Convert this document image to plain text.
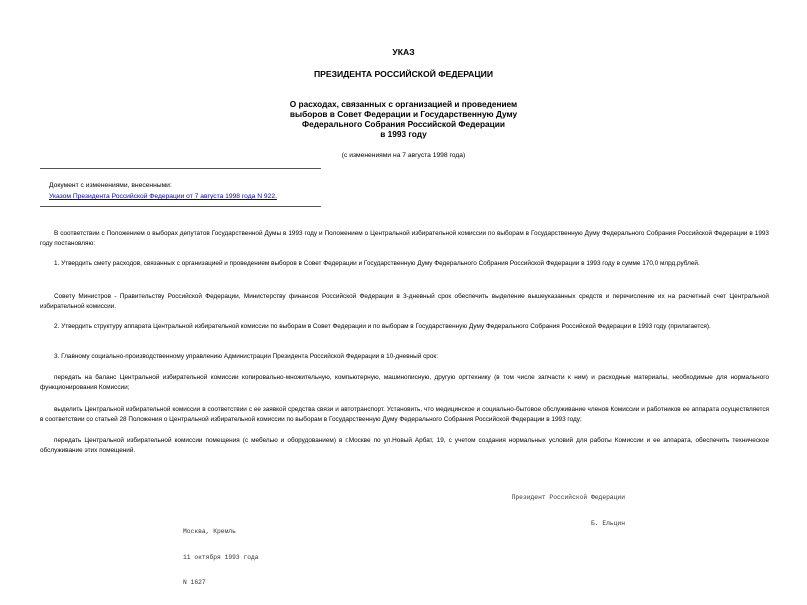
УКАЗ
ПРЕЗИДЕНТА РОССИЙСКОЙ ФЕДЕРАЦИИ
О расходах, связанных с организацией и проведением
выборов в Совет Федерации и Государственную Думу
Федерального Собрания Российской Федерации
в 1993 году
(с изменениями на 7 августа 1998 года)
Документ с изменениями, внесенными:
Указом Президента Российской Федерации от 7 августа 1998 года N 922.

В соответствии с Положением о выборах депутатов Государственной Думы в 1993 году и Положением о Центральной избирательной комиссии по выборам в Государственную Думу Федерального Собрания Российской Федерации в 1993 году постановляю:

1. Утвердить смету расходов, связанных с организацией и проведением выборов в Совет Федерации и Государственную Думу Федерального Собрания Российской Федерации в 1993 году в сумме 170,0 млрд.рублей.

Совету Министров - Правительству Российской Федерации, Министерству финансов Российской Федерации в 3-дневный срок обеспечить выделение вышеуказанных средств и перечисление их на расчетный счет Центральной избирательной комиссии.

2. Утвердить структуру аппарата Центральной избирательной комиссии по выборам в Совет Федерации и по выборам в Государственную Думу Федерального Собрания Российской Федерации в 1993 году (прилагается).

3. Главному социально-производственному управлению Администрации Президента Российской Федерации в 10-дневный срок:

передать на баланс Центральной избирательной комиссии копировально-множительную, компьютерную, машинописную, другую оргтехнику (в том числе запчасти к ним) и расходные материалы, необходимые для нормального функционирования Комиссии;

выделить Центральной избирательной комиссии в соответствии с ее заявкой средства связи и автотранспорт. Установить, что медицинское и социально-бытовое обслуживание членов Комиссии и работников ее аппарата осуществляется в соответствии со статьей 28 Положения о Центральной избирательной комиссии по выборам в Государственную Думу Федерального Собрания Российской Федерации в 1993 году;

передать Центральной избирательной комиссии помещения (с мебелью и оборудованием) в г.Москве по ул.Новый Арбат, 19, с учетом создания нормальных условий для работы Комиссии и ее аппарата, обеспечить техническое обслуживание этих помещений.

Президент Российской Федерации

Б. Ельцин

Москва, Кремль

11 октября 1993 года

N 1627
